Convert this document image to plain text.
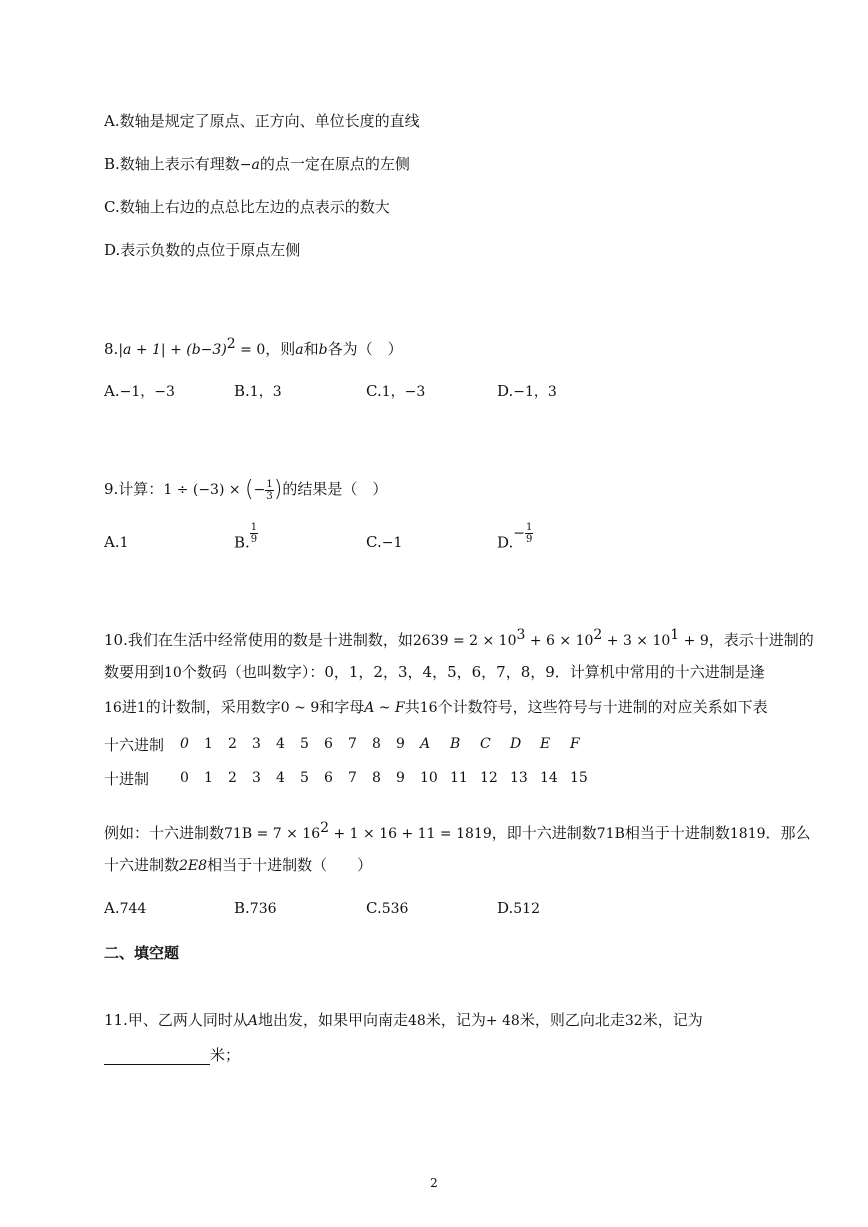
A.数轴是规定了原点、正方向、单位长度的直线
B.数轴上表示有理数−a的点一定在原点的左侧
C.数轴上右边的点总比左边的点表示的数大
D.表示负数的点位于原点左侧
$8.|a + 1| + (b-3)^2 = 0$，则a和b各为（　）
A.−1，−3	B.1，3	C.1，−3	D.−1，3
9.计算：1 ÷ (−3) × (− $\frac{1}{3}$ )的结果是（　）
A.1	B. $\frac{1}{9}$	C.−1	$D.- \frac{1}{9}$
10.我们在生活中经常使用的数是十进制数，如$2639 = 2 \times 10^3 + 6 \times 10^2 + 3 \times 10^1 + 9$，表示十进制的
数要用到10个数码（也叫数字）：0，1，2，3，4，5，6，7，8，9．计算机中常用的十六进制是逢
16进1的计数制，采用数字0 ~ 9和字母A ~ F共16个计数符号，这些符号与十进制的对应关系如下表
十六进制	0	1	2	3	4	5	6	7	8	9	A	B	C	D	E	F
十进制	0	1	2	3	4	5	6	7	8	9	10	11	12	13	14	15
例如：十六进制数$71B = 7 \times 16^2 + 1 \times 16 + 11 = 1819$，即十六进制数71B相当于十进制数1819．那么
十六进制数2E8相当于十进制数（　　）
A.744	B.736	C.536	D.512
二、填空题
11.甲、乙两人同时从A地出发，如果甲向南走48米，记为+ 48米，则乙向北走32米，记为
米；
2
